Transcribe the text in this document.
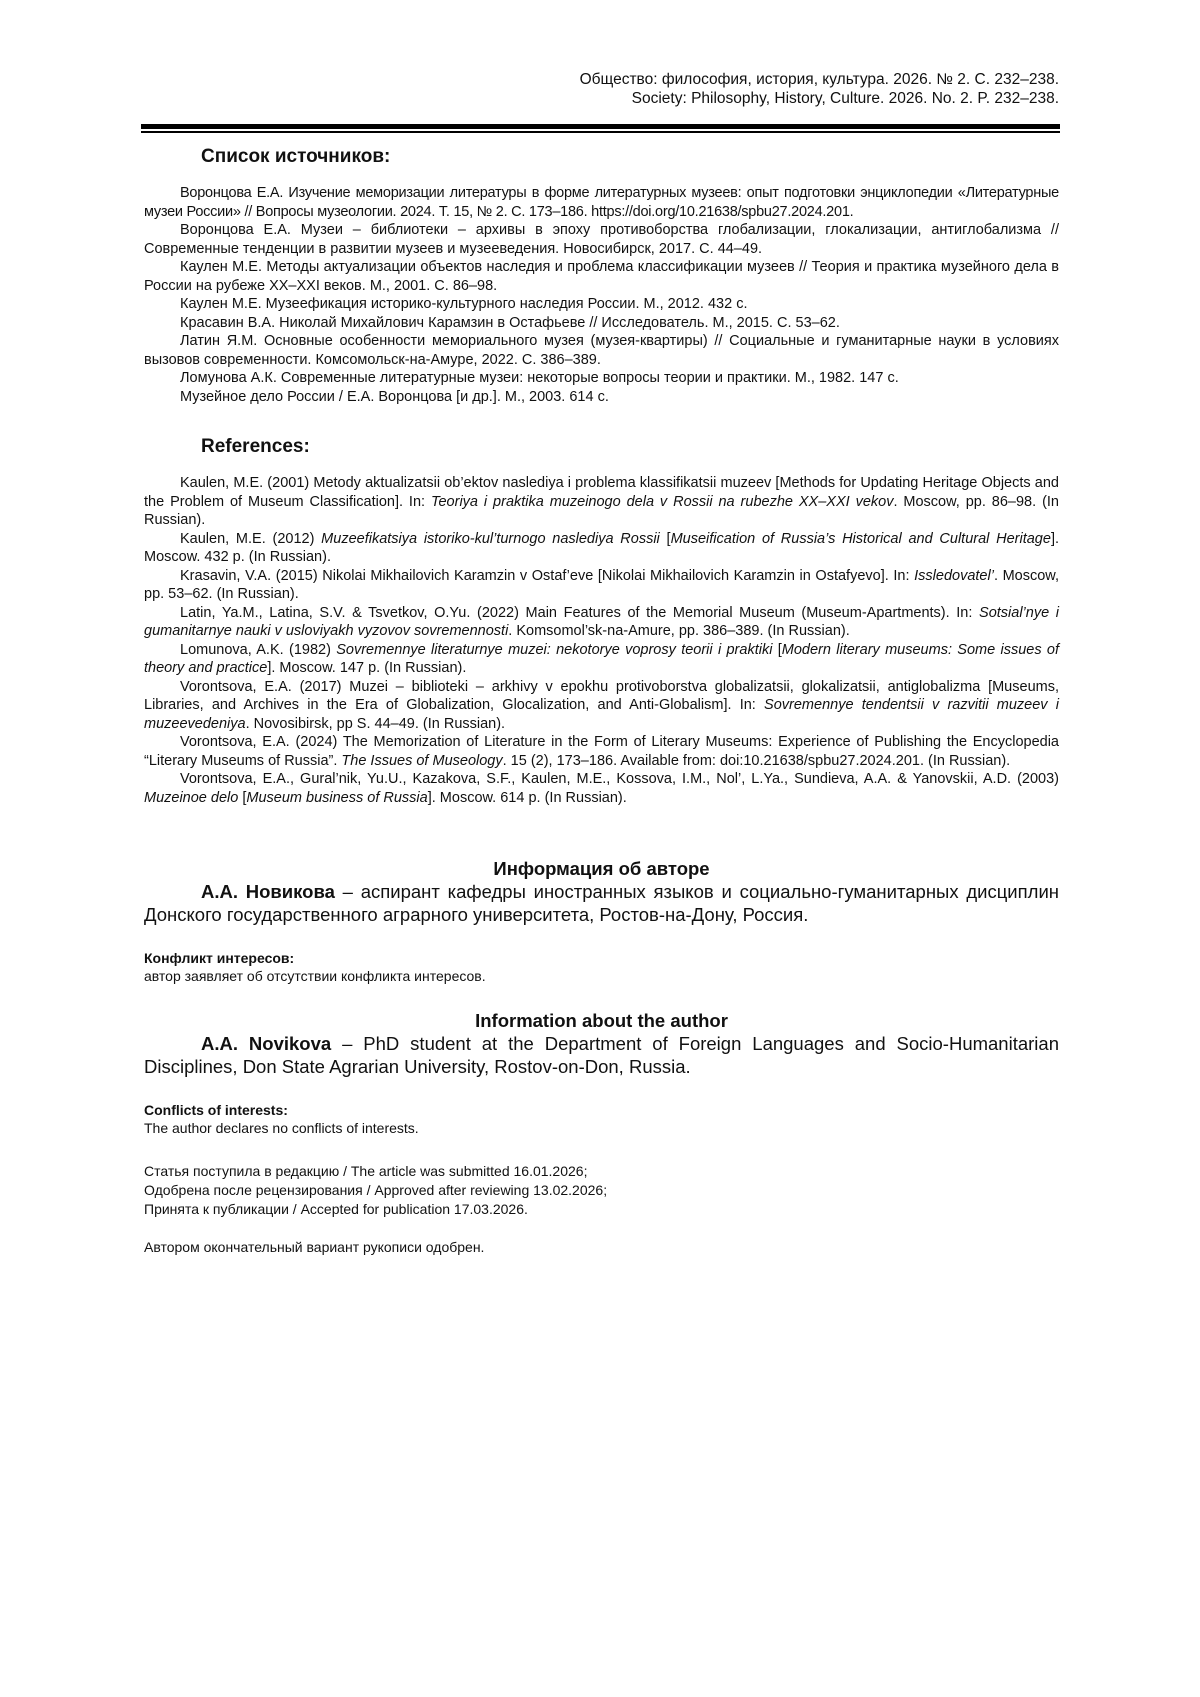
Общество: философия, история, культура. 2026. № 2. С. 232–238.
Society: Philosophy, History, Culture. 2026. No. 2. P. 232–238.
Список источников:

Воронцова Е.А. Изучение меморизации литературы в форме литературных музеев: опыт подготовки энциклопедии «Литературные музеи России» // Вопросы музеологии. 2024. Т. 15, № 2. С. 173–186. https://doi.org/10.21638/spbu27.2024.201.

Воронцова Е.А. Музеи – библиотеки – архивы в эпоху противоборства глобализации, глокализации, антиглобализма // Современные тенденции в развитии музеев и музееведения. Новосибирск, 2017. С. 44–49.

Каулен М.Е. Методы актуализации объектов наследия и проблема классификации музеев // Теория и практика музейного дела в России на рубеже XX–XXI веков. М., 2001. С. 86–98.

Каулен М.Е. Музеефикация историко-культурного наследия России. М., 2012. 432 с.

Красавин В.А. Николай Михайлович Карамзин в Остафьеве // Исследователь. М., 2015. С. 53–62.

Латин Я.М. Основные особенности мемориального музея (музея-квартиры) // Социальные и гуманитарные науки в условиях вызовов современности. Комсомольск-на-Амуре, 2022. С. 386–389.

Ломунова А.К. Современные литературные музеи: некоторые вопросы теории и практики. М., 1982. 147 с.

Музейное дело России / Е.А. Воронцова [и др.]. М., 2003. 614 с.

References:

Kaulen, M.E. (2001) Metody aktualizatsii ob’ektov naslediya i problema klassifikatsii muzeev [Methods for Updating Heritage Objects and the Problem of Museum Classification]. In: Teoriya i praktika muzeinogo dela v Rossii na rubezhe XX–XXI vekov. Moscow, pp. 86–98. (In Russian).

Kaulen, M.E. (2012) Muzeefikatsiya istoriko-kul’turnogo naslediya Rossii [Museification of Russia’s Historical and Cultural Heritage]. Moscow. 432 p. (In Russian).

Krasavin, V.A. (2015) Nikolai Mikhailovich Karamzin v Ostaf’eve [Nikolai Mikhailovich Karamzin in Ostafyevo]. In: Issledovatel’. Moscow, pp. 53–62. (In Russian).

Latin, Ya.M., Latina, S.V. & Tsvetkov, O.Yu. (2022) Main Features of the Memorial Museum (Museum-Apartments). In: Sotsial’nye i gumanitarnye nauki v usloviyakh vyzovov sovremennosti. Komsomol’sk-na-Amure, pp. 386–389. (In Russian).

Lomunova, A.K. (1982) Sovremennye literaturnye muzei: nekotorye voprosy teorii i praktiki [Modern literary museums: Some issues of theory and practice]. Moscow. 147 p. (In Russian).

Vorontsova, E.A. (2017) Muzei – biblioteki – arkhivy v epokhu protivoborstva globalizatsii, glokalizatsii, antiglobalizma [Museums, Libraries, and Archives in the Era of Globalization, Glocalization, and Anti-Globalism]. In: Sovremennye tendentsii v razvitii muzeev i muzeevedeniya. Novosibirsk, pp S. 44–49. (In Russian).

Vorontsova, E.A. (2024) The Memorization of Literature in the Form of Literary Museums: Experience of Publishing the Encyclopedia “Literary Museums of Russia”. The Issues of Museology. 15 (2), 173–186. Available from: doi:10.21638/spbu27.2024.201. (In Russian).

Vorontsova, E.A., Gural’nik, Yu.U., Kazakova, S.F., Kaulen, M.E., Kossova, I.M., Nol’, L.Ya., Sundieva, A.A. & Yanovskii, A.D. (2003) Muzeinoe delo [Museum business of Russia]. Moscow. 614 p. (In Russian).

Информация об авторе

А.А. Новикова – аспирант кафедры иностранных языков и социально-гуманитарных дисциплин Донского государственного аграрного университета, Ростов-на-Дону, Россия.

Конфликт интересов:
автор заявляет об отсутствии конфликта интересов.
Information about the author

A.A. Novikova – PhD student at the Department of Foreign Languages and Socio-Humanitarian Disciplines, Don State Agrarian University, Rostov-on-Don, Russia.

Conflicts of interests:
The author declares no conflicts of interests.
Статья поступила в редакцию / The article was submitted 16.01.2026;
Одобрена после рецензирования / Approved after reviewing 13.02.2026;
Принята к публикации / Accepted for publication 17.03.2026.
Автором окончательный вариант рукописи одобрен.
